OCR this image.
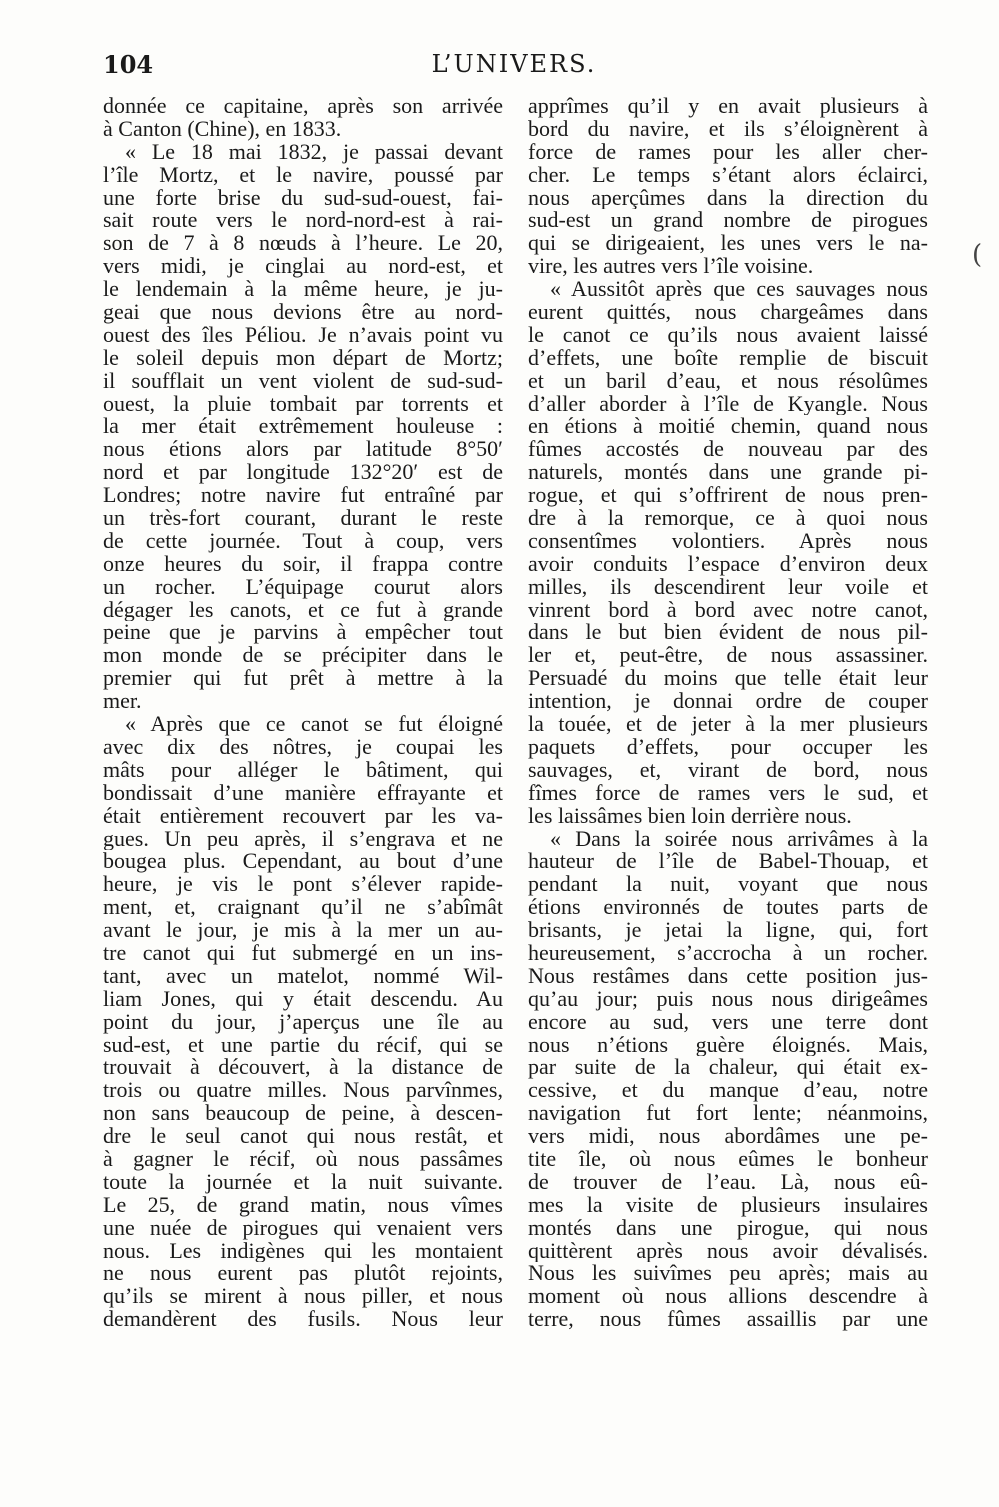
104	L’UNIVERS.
donnée ce capitaine, après son arrivée
à Canton (Chine), en 1833.
« Le 18 mai 1832, je passai devant
l’île Mortz, et le navire, poussé par
une forte brise du sud-sud-ouest, fai-
sait route vers le nord-nord-est à rai-
son de 7 à 8 nœuds à l’heure. Le 20,
vers midi, je cinglai au nord-est, et
le lendemain à la même heure, je ju-
geai que nous devions être au nord-
ouest des îles Péliou. Je n’avais point vu
le soleil depuis mon départ de Mortz;
il soufflait un vent violent de sud-sud-
ouest, la pluie tombait par torrents et
la mer était extrêmement houleuse :
nous étions alors par latitude 8°50′
nord et par longitude 132°20′ est de
Londres; notre navire fut entraîné par
un très-fort courant, durant le reste
de cette journée. Tout à coup, vers
onze heures du soir, il frappa contre
un rocher. L’équipage courut alors
dégager les canots, et ce fut à grande
peine que je parvins à empêcher tout
mon monde de se précipiter dans le
premier qui fut prêt à mettre à la
mer.
« Après que ce canot se fut éloigné
avec dix des nôtres, je coupai les
mâts pour alléger le bâtiment, qui
bondissait d’une manière effrayante et
était entièrement recouvert par les va-
gues. Un peu après, il s’engrava et ne
bougea plus. Cependant, au bout d’une
heure, je vis le pont s’élever rapide-
ment, et, craignant qu’il ne s’abîmât
avant le jour, je mis à la mer un au-
tre canot qui fut submergé en un ins-
tant, avec un matelot, nommé Wil-
liam Jones, qui y était descendu. Au
point du jour, j’aperçus une île au
sud-est, et une partie du récif, qui se
trouvait à découvert, à la distance de
trois ou quatre milles. Nous parvînmes,
non sans beaucoup de peine, à descen-
dre le seul canot qui nous restât, et
à gagner le récif, où nous passâmes
toute la journée et la nuit suivante.
Le 25, de grand matin, nous vîmes
une nuée de pirogues qui venaient vers
nous. Les indigènes qui les montaient
ne nous eurent pas plutôt rejoints,
qu’ils se mirent à nous piller, et nous
demandèrent des fusils. Nous leur
apprîmes qu’il y en avait plusieurs à
bord du navire, et ils s’éloignèrent à
force de rames pour les aller cher-
cher. Le temps s’étant alors éclairci,
nous aperçûmes dans la direction du
sud-est un grand nombre de pirogues
qui se dirigeaient, les unes vers le na-
vire, les autres vers l’île voisine.
« Aussitôt après que ces sauvages nous
eurent quittés, nous chargeâmes dans
le canot ce qu’ils nous avaient laissé
d’effets, une boîte remplie de biscuit
et un baril d’eau, et nous résolûmes
d’aller aborder à l’île de Kyangle. Nous
en étions à moitié chemin, quand nous
fûmes accostés de nouveau par des
naturels, montés dans une grande pi-
rogue, et qui s’offrirent de nous pren-
dre à la remorque, ce à quoi nous
consentîmes volontiers. Après nous
avoir conduits l’espace d’environ deux
milles, ils descendirent leur voile et
vinrent bord à bord avec notre canot,
dans le but bien évident de nous pil-
ler et, peut-être, de nous assassiner.
Persuadé du moins que telle était leur
intention, je donnai ordre de couper
la touée, et de jeter à la mer plusieurs
paquets d’effets, pour occuper les
sauvages, et, virant de bord, nous
fîmes force de rames vers le sud, et
les laissâmes bien loin derrière nous.
« Dans la soirée nous arrivâmes à la
hauteur de l’île de Babel-Thouap, et
pendant la nuit, voyant que nous
étions environnés de toutes parts de
brisants, je jetai la ligne, qui, fort
heureusement, s’accrocha à un rocher.
Nous restâmes dans cette position jus-
qu’au jour; puis nous nous dirigeâmes
encore au sud, vers une terre dont
nous n’étions guère éloignés. Mais,
par suite de la chaleur, qui était ex-
cessive, et du manque d’eau, notre
navigation fut fort lente; néanmoins,
vers midi, nous abordâmes une pe-
tite île, où nous eûmes le bonheur
de trouver de l’eau. Là, nous eû-
mes la visite de plusieurs insulaires
montés dans une pirogue, qui nous
quittèrent après nous avoir dévalisés.
Nous les suivîmes peu après; mais au
moment où nous allions descendre à
terre, nous fûmes assaillis par une
(
